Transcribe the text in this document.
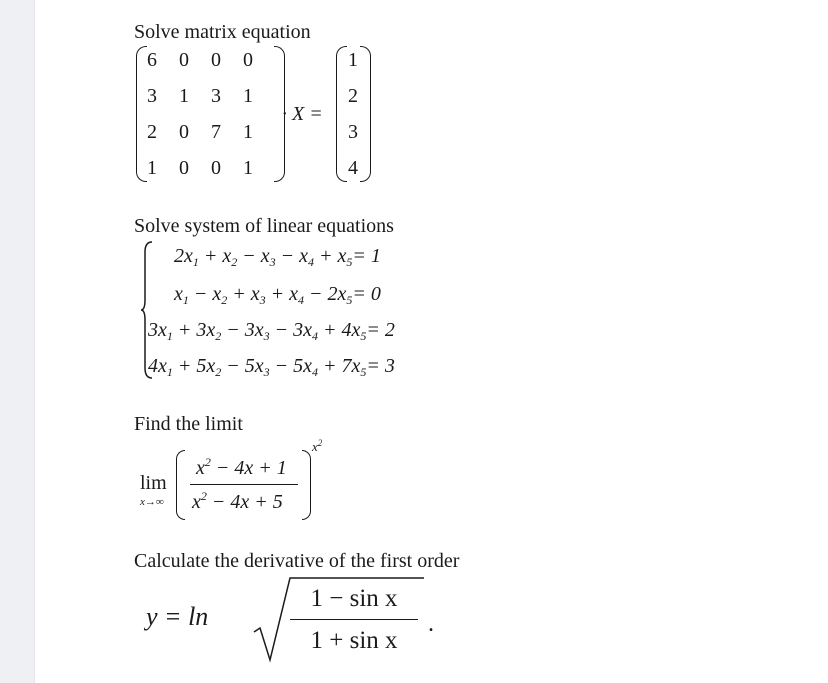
Solve matrix equation
6 0 0 0
3 1 3 1
2 0 7 1
1 0 0 1
· X =
1
2
3
4
Solve system of linear equations
$2x_1 + x_2 - x_3 - x_4 + x_5= 1$
$x_1 - x_2 + x_3 + x_4 - 2x_5= 0$
$3x_1 + 3x_2 - 3x_3 - 3x_4 + 4x_5= 2$
$4x_1 + 5x_2 - 5x_3 - 5x_4 + 7x_5= 3$
Find the limit
lim
x→∞
$x^2 - 4x + 1$
$x^2 - 4x + 5$
$x^2$
Calculate the derivative of the first order
y = ln
1 − sin x
1 + sin x
.
